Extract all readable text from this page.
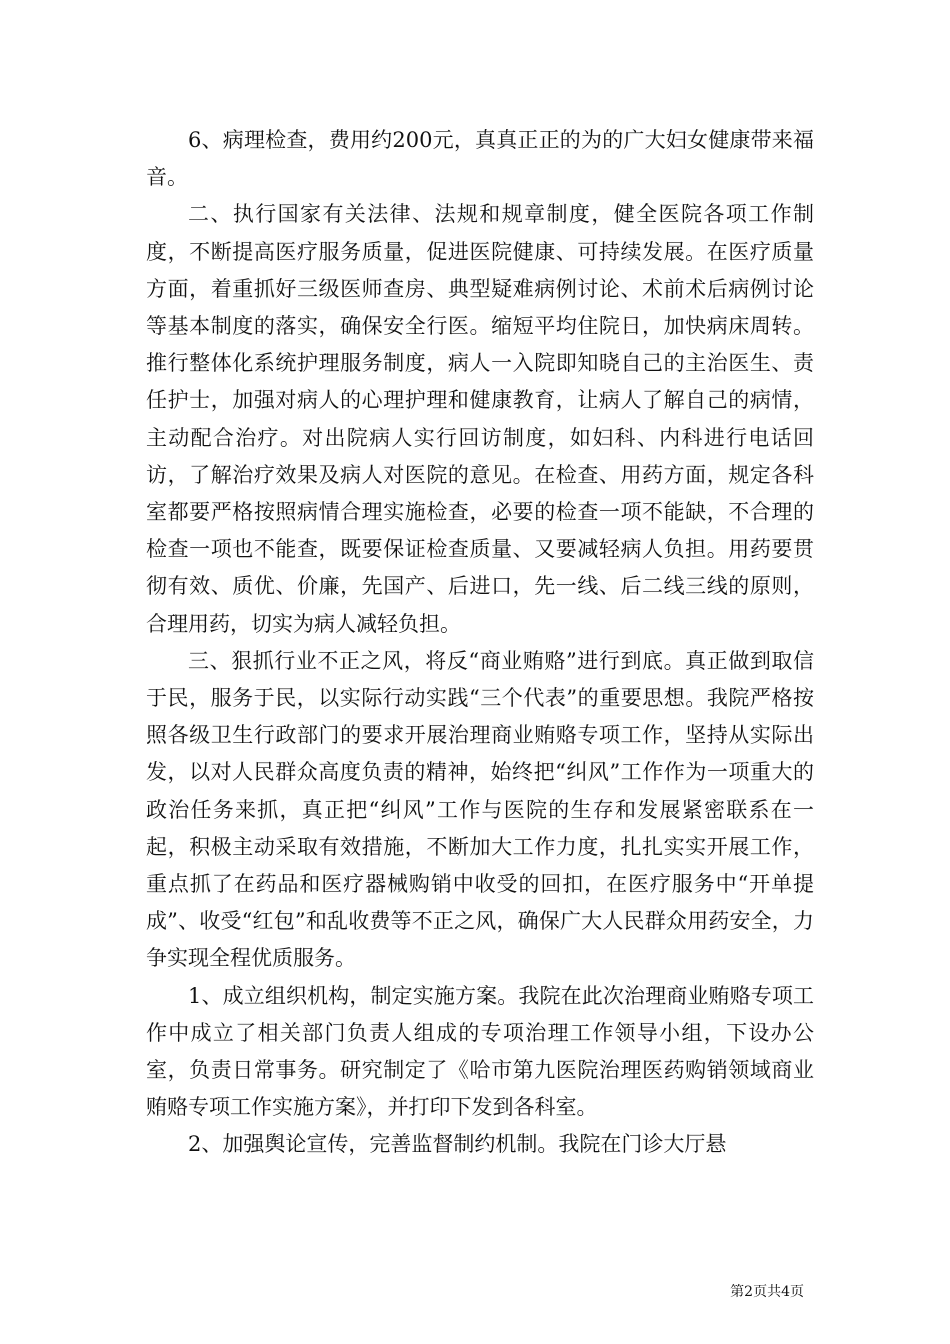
6、病理检查，费用约200元，真真正正的为的广大妇女健康带来福音。

二、执行国家有关法律、法规和规章制度，健全医院各项工作制度，不断提高医疗服务质量，促进医院健康、可持续发展。在医疗质量方面，着重抓好三级医师查房、典型疑难病例讨论、术前术后病例讨论等基本制度的落实，确保安全行医。缩短平均住院日，加快病床周转。推行整体化系统护理服务制度，病人一入院即知晓自己的主治医生、责任护士，加强对病人的心理护理和健康教育，让病人了解自己的病情，主动配合治疗。对出院病人实行回访制度，如妇科、内科进行电话回访，了解治疗效果及病人对医院的意见。在检查、用药方面，规定各科室都要严格按照病情合理实施检查，必要的检查一项不能缺，不合理的检查一项也不能查，既要保证检查质量、又要减轻病人负担。用药要贯彻有效、质优、价廉，先国产、后进口，先一线、后二线三线的原则，合理用药，切实为病人减轻负担。

三、狠抓行业不正之风，将反“商业贿赂”进行到底。真正做到取信于民，服务于民，以实际行动实践“三个代表”的重要思想。我院严格按照各级卫生行政部门的要求开展治理商业贿赂专项工作，坚持从实际出发，以对人民群众高度负责的精神，始终把“纠风”工作作为一项重大的政治任务来抓，真正把“纠风”工作与医院的生存和发展紧密联系在一起，积极主动采取有效措施，不断加大工作力度，扎扎实实开展工作，重点抓了在药品和医疗器械购销中收受的回扣，在医疗服务中“开单提成”、收受“红包”和乱收费等不正之风，确保广大人民群众用药安全，力争实现全程优质服务。

1、成立组织机构，制定实施方案。我院在此次治理商业贿赂专项工作中成立了相关部门负责人组成的专项治理工作领导小组，下设办公室，负责日常事务。研究制定了《哈市第九医院治理医药购销领域商业贿赂专项工作实施方案》，并打印下发到各科室。

2、加强舆论宣传，完善监督制约机制。我院在门诊大厅悬

第2页共4页
